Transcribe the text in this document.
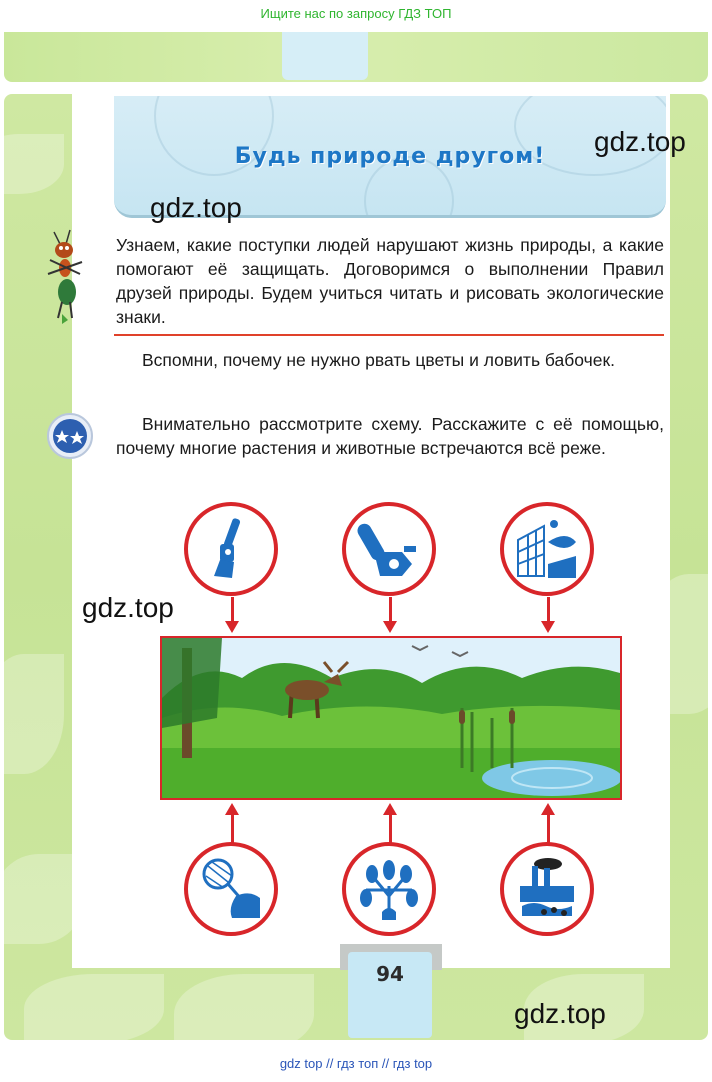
Ищите нас по запросу ГДЗ ТОП
Будь природе другом!	gdz.top
gdz.top
gdz.top
gdz.top
Узнаем, какие поступки людей нарушают жизнь природы, а какие помогают её защищать. Договоримся о выполнении Правил друзей природы. Будем учиться читать и рисовать экологические знаки.
Вспомни, почему не нужно рвать цветы и ловить бабочек.
Внимательно рассмотрите схему. Расскажите с её помощью, почему многие растения и животные встречаются всё реже.
94
gdz top // гдз топ // гдз top
